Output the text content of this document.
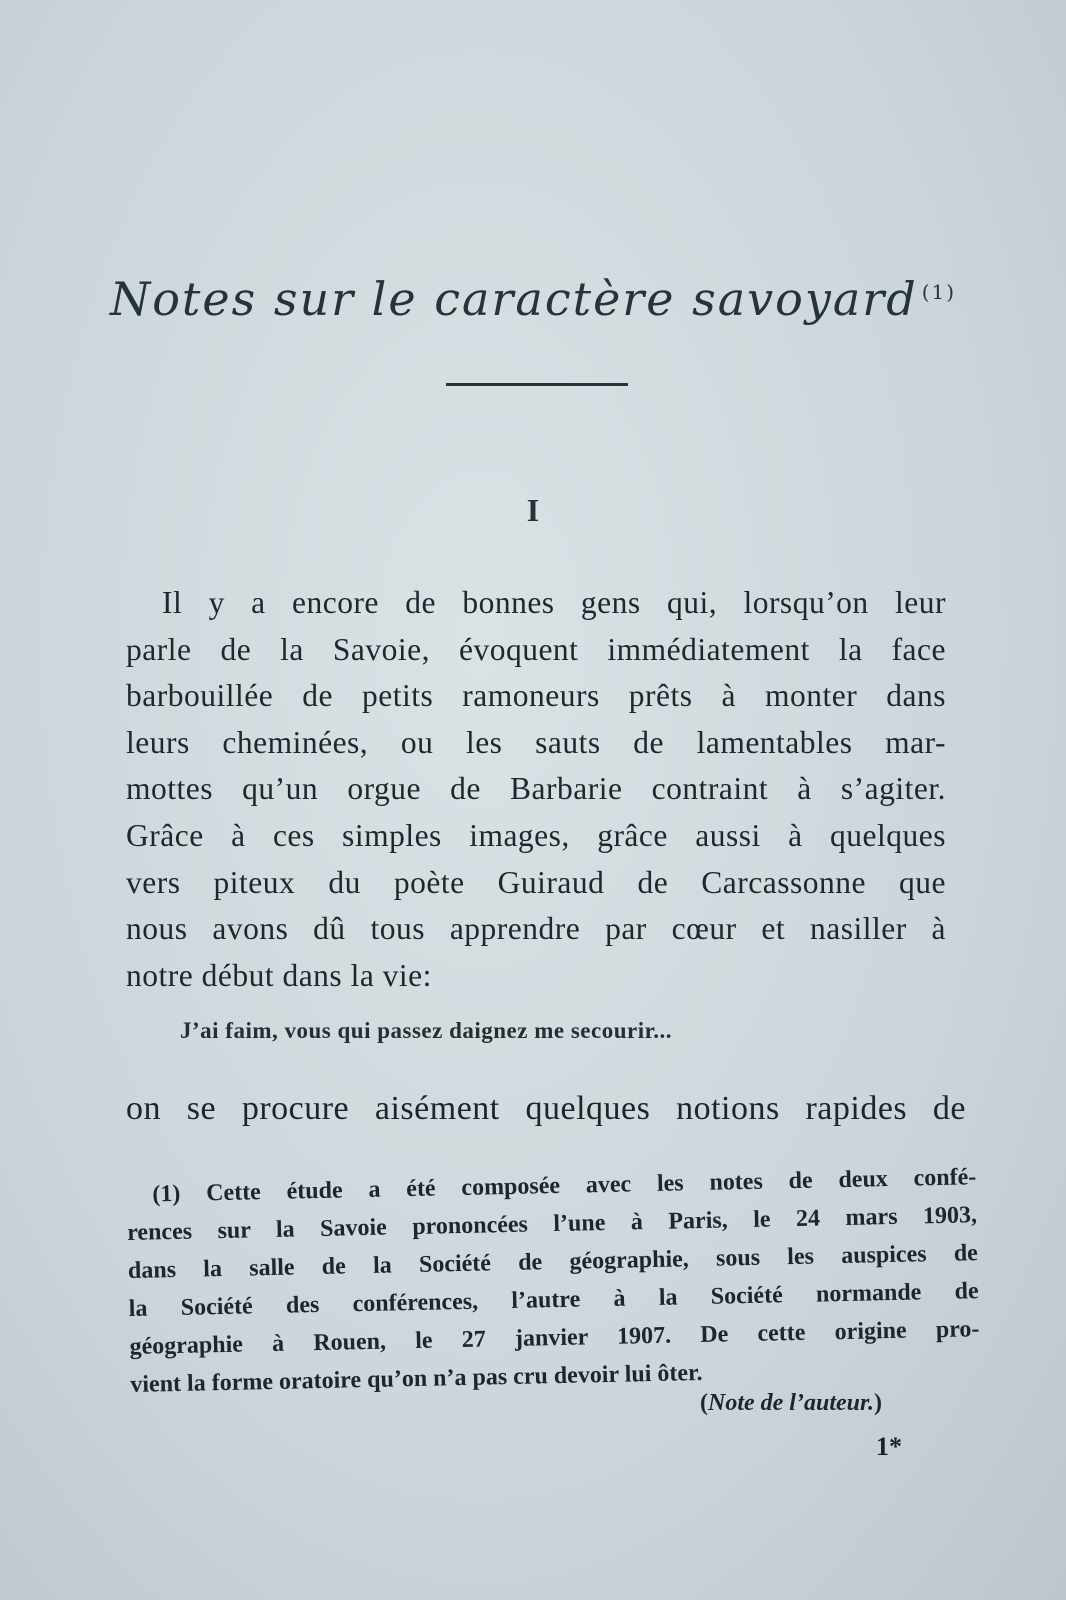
Notes sur le caractère savoyard $^{(1)}$
I
Il y a encore de bonnes gens qui, lorsqu’on leur
parle de la Savoie, évoquent immédiatement la face
barbouillée de petits ramoneurs prêts à monter dans
leurs cheminées, ou les sauts de lamentables mar-
mottes qu’un orgue de Barbarie contraint à s’agiter.
Grâce à ces simples images, grâce aussi à quelques
vers piteux du poète Guiraud de Carcassonne que
nous avons dû tous apprendre par cœur et nasiller à
notre début dans la vie:
J’ai faim, vous qui passez daignez me secourir...
on se procure aisément quelques notions rapides de
(1) Cette étude a été composée avec les notes de deux confé-
rences sur la Savoie prononcées l’une à Paris, le 24 mars 1903,
dans la salle de la Société de géographie, sous les auspices de
la Société des conférences, l’autre à la Société normande de
géographie à Rouen, le 27 janvier 1907. De cette origine pro-
vient la forme oratoire qu’on n’a pas cru devoir lui ôter.
(Note de l’auteur.)
1*
